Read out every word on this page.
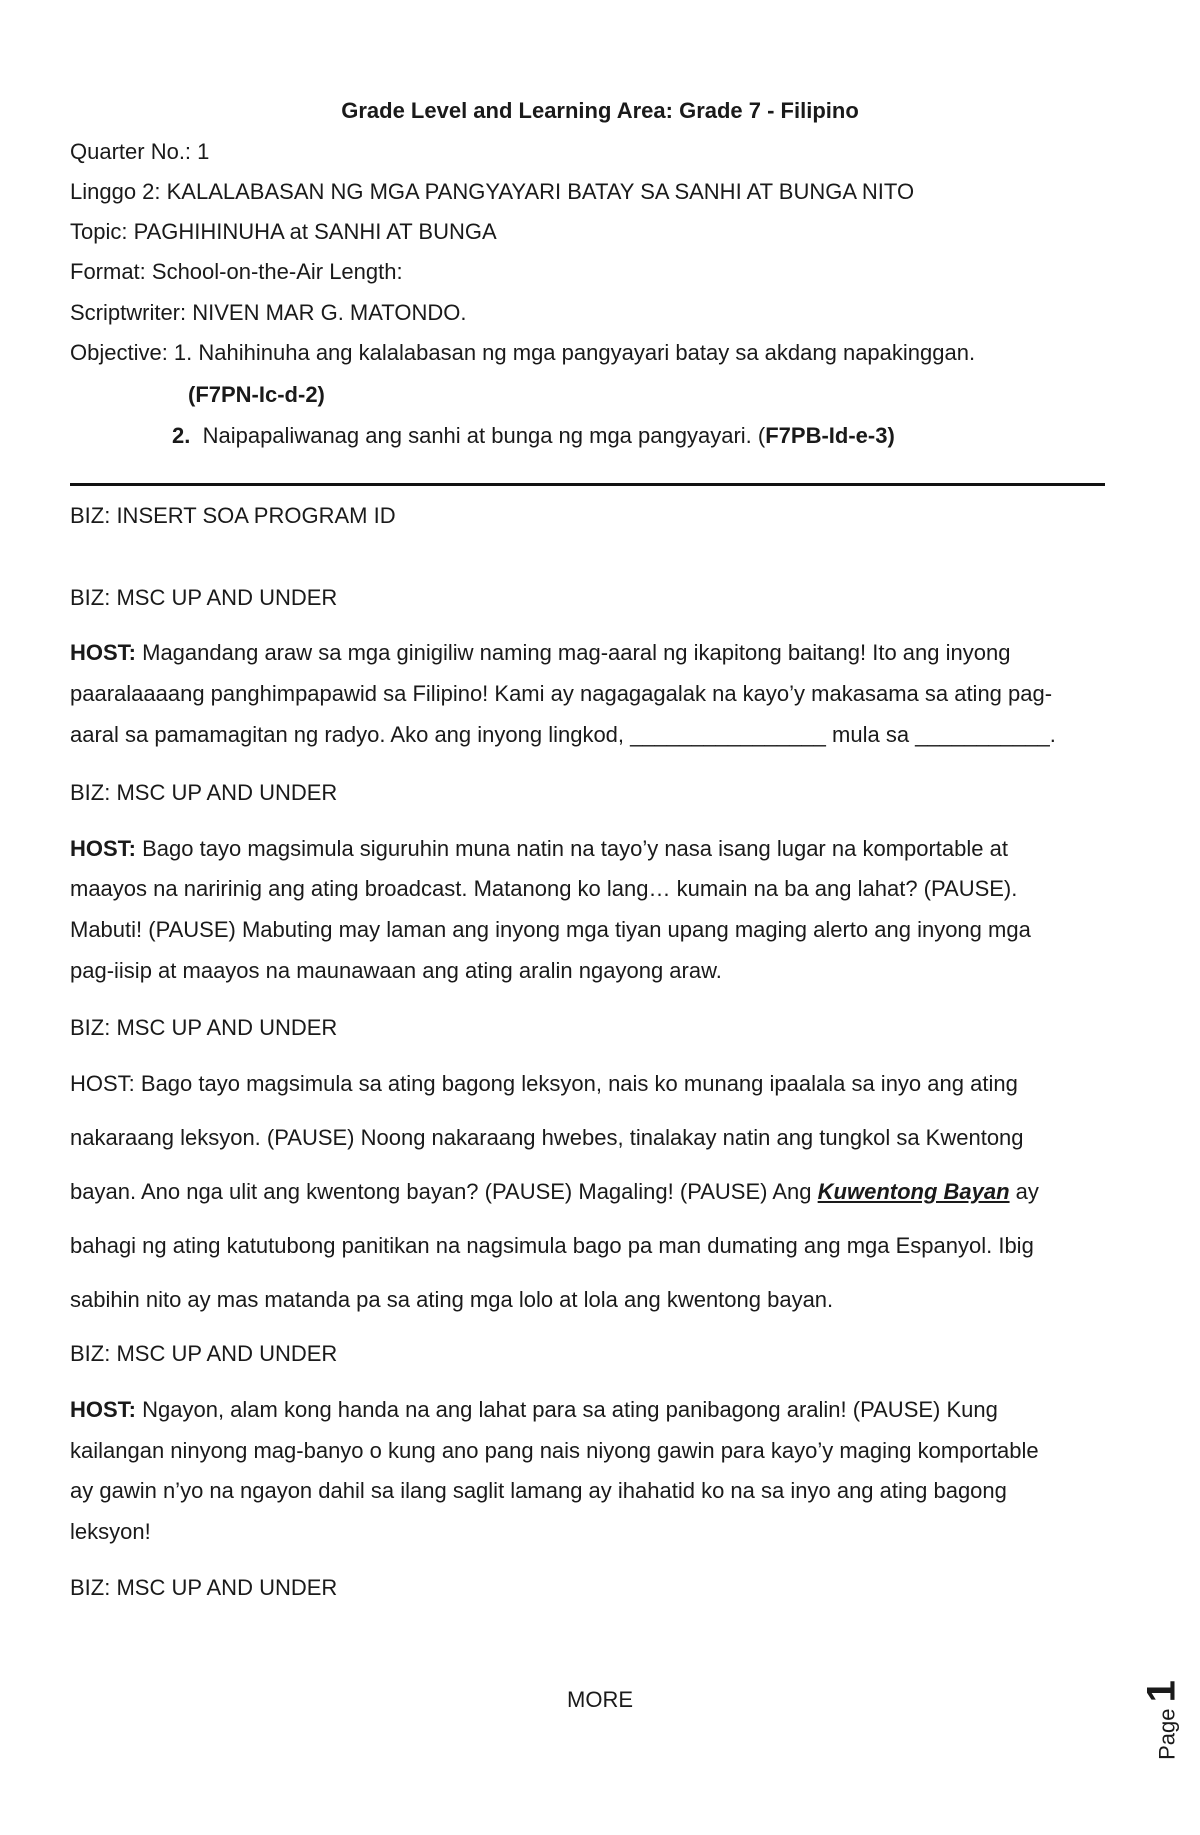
Grade Level and Learning Area: Grade 7 - Filipino
Quarter No.: 1
Linggo 2: KALALABASAN NG MGA PANGYAYARI BATAY SA SANHI AT BUNGA NITO
Topic: PAGHIHINUHA at SANHI AT BUNGA
Format: School-on-the-Air Length:
Scriptwriter: NIVEN MAR G. MATONDO.
Objective: 1. Nahihinuha ang kalalabasan ng mga pangyayari batay sa akdang napakinggan.
(F7PN-Ic-d-2)
2. Naipapaliwanag ang sanhi at bunga ng mga pangyayari. (F7PB-Id-e-3)
BIZ: INSERT SOA PROGRAM ID
BIZ: MSC UP AND UNDER
HOST: Magandang araw sa mga ginigiliw naming mag-aaral ng ikapitong baitang! Ito ang inyong
paaralaaaang panghimpapawid sa Filipino! Kami ay nagagagalak na kayo’y makasama sa ating pag-
aaral sa pamamagitan ng radyo. Ako ang inyong lingkod, ________________ mula sa ___________.
BIZ: MSC UP AND UNDER
HOST: Bago tayo magsimula siguruhin muna natin na tayo’y nasa isang lugar na komportable at
maayos na naririnig ang ating broadcast. Matanong ko lang… kumain na ba ang lahat? (PAUSE).
Mabuti! (PAUSE) Mabuting may laman ang inyong mga tiyan upang maging alerto ang inyong mga
pag-iisip at maayos na maunawaan ang ating aralin ngayong araw.
BIZ: MSC UP AND UNDER
HOST: Bago tayo magsimula sa ating bagong leksyon, nais ko munang ipaalala sa inyo ang ating
nakaraang leksyon. (PAUSE) Noong nakaraang hwebes, tinalakay natin ang tungkol sa Kwentong
bayan. Ano nga ulit ang kwentong bayan? (PAUSE) Magaling! (PAUSE) Ang Kuwentong Bayan ay
bahagi ng ating katutubong panitikan na nagsimula bago pa man dumating ang mga Espanyol. Ibig
sabihin nito ay mas matanda pa sa ating mga lolo at lola ang kwentong bayan.
BIZ: MSC UP AND UNDER
HOST: Ngayon, alam kong handa na ang lahat para sa ating panibagong aralin! (PAUSE) Kung
kailangan ninyong mag-banyo o kung ano pang nais niyong gawin para kayo’y maging komportable
ay gawin n’yo na ngayon dahil sa ilang saglit lamang ay ihahatid ko na sa inyo ang ating bagong
leksyon!
BIZ: MSC UP AND UNDER
MORE
Page 1
